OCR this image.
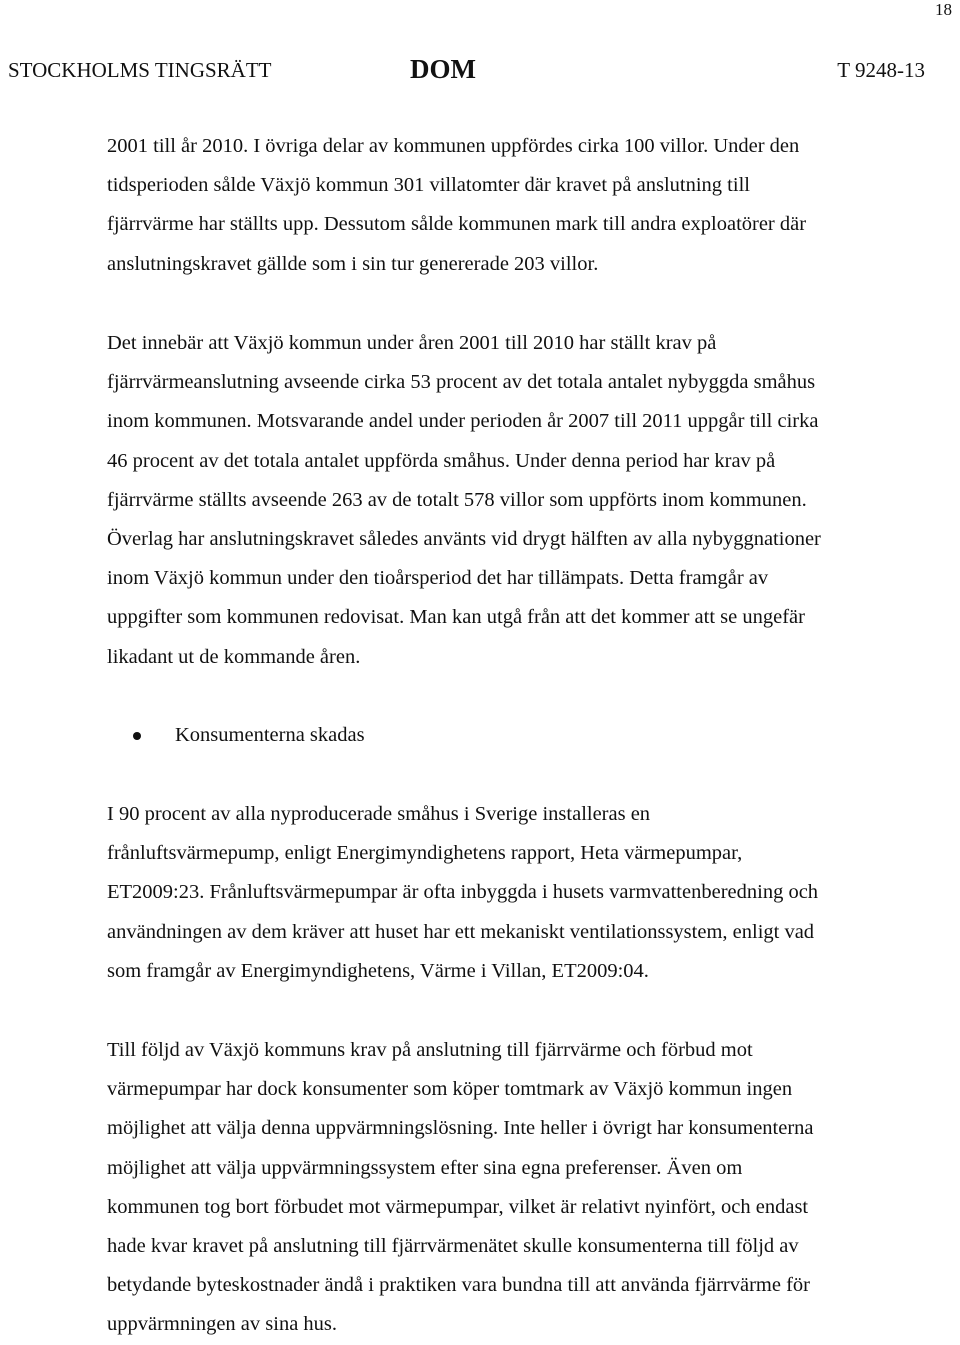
18
STOCKHOLMS TINGSRÄTT	DOM	T 9248-13
2001 till år 2010. I övriga delar av kommunen uppfördes cirka 100 villor. Under den
tidsperioden sålde Växjö kommun 301 villatomter där kravet på anslutning till
fjärrvärme har ställts upp. Dessutom sålde kommunen mark till andra exploatörer där
anslutningskravet gällde som i sin tur genererade 203 villor.
Det innebär att Växjö kommun under åren 2001 till 2010 har ställt krav på
fjärrvärmeanslutning avseende cirka 53 procent av det totala antalet nybyggda småhus
inom kommunen. Motsvarande andel under perioden år 2007 till 2011 uppgår till cirka
46 procent av det totala antalet uppförda småhus. Under denna period har krav på
fjärrvärme ställts avseende 263 av de totalt 578 villor som uppförts inom kommunen.
Överlag har anslutningskravet således använts vid drygt hälften av alla nybyggnationer
inom Växjö kommun under den tioårsperiod det har tillämpats. Detta framgår av
uppgifter som kommunen redovisat. Man kan utgå från att det kommer att se ungefär
likadant ut de kommande åren.
Konsumenterna skadas
I 90 procent av alla nyproducerade småhus i Sverige installeras en
frånluftsvärmepump, enligt Energimyndighetens rapport, Heta värmepumpar,
ET2009:23. Frånluftsvärmepumpar är ofta inbyggda i husets varmvattenberedning och
användningen av dem kräver att huset har ett mekaniskt ventilationssystem, enligt vad
som framgår av Energimyndighetens, Värme i Villan, ET2009:04.
Till följd av Växjö kommuns krav på anslutning till fjärrvärme och förbud mot
värmepumpar har dock konsumenter som köper tomtmark av Växjö kommun ingen
möjlighet att välja denna uppvärmningslösning. Inte heller i övrigt har konsumenterna
möjlighet att välja uppvärmningssystem efter sina egna preferenser. Även om
kommunen tog bort förbudet mot värmepumpar, vilket är relativt nyinfört, och endast
hade kvar kravet på anslutning till fjärrvärmenätet skulle konsumenterna till följd av
betydande byteskostnader ändå i praktiken vara bundna till att använda fjärrvärme för
uppvärmningen av sina hus.
